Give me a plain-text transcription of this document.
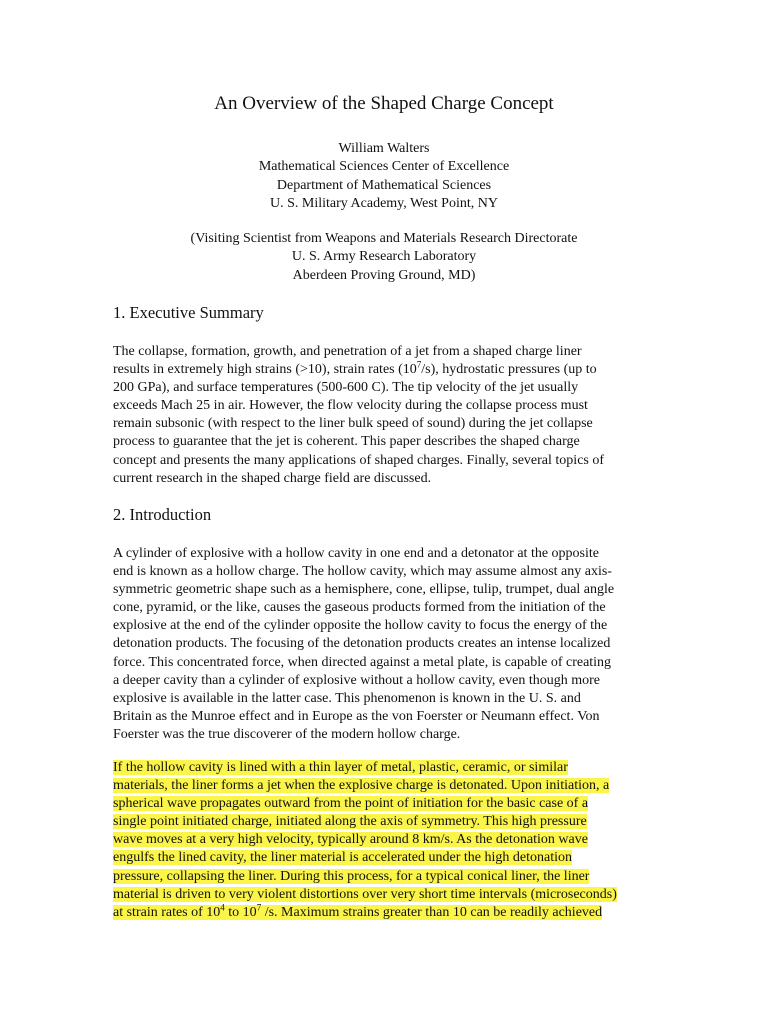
An Overview of the Shaped Charge Concept
William Walters
Mathematical Sciences Center of Excellence
Department of Mathematical Sciences
U. S. Military Academy, West Point, NY
(Visiting Scientist from Weapons and Materials Research Directorate
U. S. Army Research Laboratory
Aberdeen Proving Ground, MD)
1. Executive Summary
The collapse, formation, growth, and penetration of a jet from a shaped charge liner
results in extremely high strains (>10), strain rates $(10^7/s)$, hydrostatic pressures (up to
200 GPa), and surface temperatures (500-600 C). The tip velocity of the jet usually
exceeds Mach 25 in air. However, the flow velocity during the collapse process must
remain subsonic (with respect to the liner bulk speed of sound) during the jet collapse
process to guarantee that the jet is coherent. This paper describes the shaped charge
concept and presents the many applications of shaped charges. Finally, several topics of
current research in the shaped charge field are discussed.
2. Introduction
A cylinder of explosive with a hollow cavity in one end and a detonator at the opposite
end is known as a hollow charge. The hollow cavity, which may assume almost any axis-
symmetric geometric shape such as a hemisphere, cone, ellipse, tulip, trumpet, dual angle
cone, pyramid, or the like, causes the gaseous products formed from the initiation of the
explosive at the end of the cylinder opposite the hollow cavity to focus the energy of the
detonation products. The focusing of the detonation products creates an intense localized
force. This concentrated force, when directed against a metal plate, is capable of creating
a deeper cavity than a cylinder of explosive without a hollow cavity, even though more
explosive is available in the latter case. This phenomenon is known in the U. S. and
Britain as the Munroe effect and in Europe as the von Foerster or Neumann effect. Von
Foerster was the true discoverer of the modern hollow charge.
If the hollow cavity is lined with a thin layer of metal, plastic, ceramic, or similar
materials, the liner forms a jet when the explosive charge is detonated. Upon initiation, a
spherical wave propagates outward from the point of initiation for the basic case of a
single point initiated charge, initiated along the axis of symmetry. This high pressure
wave moves at a very high velocity, typically around 8 km/s. As the detonation wave
engulfs the lined cavity, the liner material is accelerated under the high detonation
pressure, collapsing the liner. During this process, for a typical conical liner, the liner
material is driven to very violent distortions over very short time intervals (microseconds)
at strain rates of $10^4$ to $10^7$ /s. Maximum strains greater than 10 can be readily achieved
